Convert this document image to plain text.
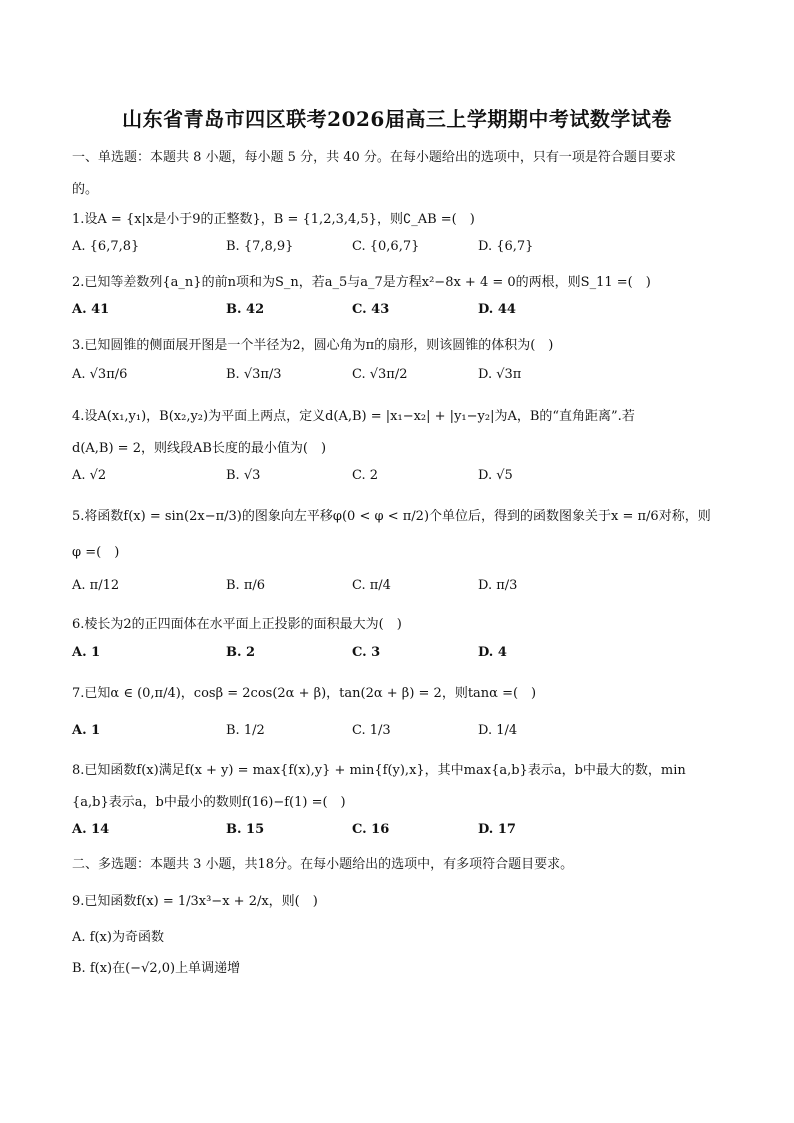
山东省青岛市四区联考2026届高三上学期期中考试数学试卷
一、单选题：本题共 8 小题，每小题 5 分，共 40 分。在每小题给出的选项中，只有一项是符合题目要求
的。
1.设A = {x|x是小于9的正整数}，B = {1,2,3,4,5}，则∁_AB =(　)
A. {6,7,8}	B. {7,8,9}	C. {0,6,7}	D. {6,7}
2.已知等差数列{a_n}的前n项和为S_n，若a_5与a_7是方程x²−8x + 4 = 0的两根，则S_11 =(　)
A. 41	B. 42	C. 43	D. 44
3.已知圆锥的侧面展开图是一个半径为2，圆心角为π的扇形，则该圆锥的体积为(　)
A. √3π/6	B. √3π/3	C. √3π/2	D. √3π
4.设A(x₁,y₁)，B(x₂,y₂)为平面上两点，定义d(A,B) = |x₁−x₂| + |y₁−y₂|为A，B的“直角距离”.若
d(A,B) = 2，则线段AB长度的最小值为(　)
A. √2	B. √3	C. 2	D. √5
5.将函数f(x) = sin(2x−π/3)的图象向左平移φ(0 < φ < π/2)个单位后，得到的函数图象关于x = π/6对称，则
φ =(　)
A. π/12	B. π/6	C. π/4	D. π/3
6.棱长为2的正四面体在水平面上正投影的面积最大为(　)
A. 1	B. 2	C. 3	D. 4
7.已知α ∈ (0,π/4)，cosβ = 2cos(2α + β)，tan(2α + β) = 2，则tanα =(　)
A. 1	B. 1/2	C. 1/3	D. 1/4
8.已知函数f(x)满足f(x + y) = max{f(x),y} + min{f(y),x}，其中max{a,b}表示a，b中最大的数，min
{a,b}表示a，b中最小的数则f(16)−f(1) =(　)
A. 14	B. 15	C. 16	D. 17
二、多选题：本题共 3 小题，共18分。在每小题给出的选项中，有多项符合题目要求。
9.已知函数f(x) = 1/3x³−x + 2/x，则(　)
A. f(x)为奇函数
B. f(x)在(−√2,0)上单调递增
